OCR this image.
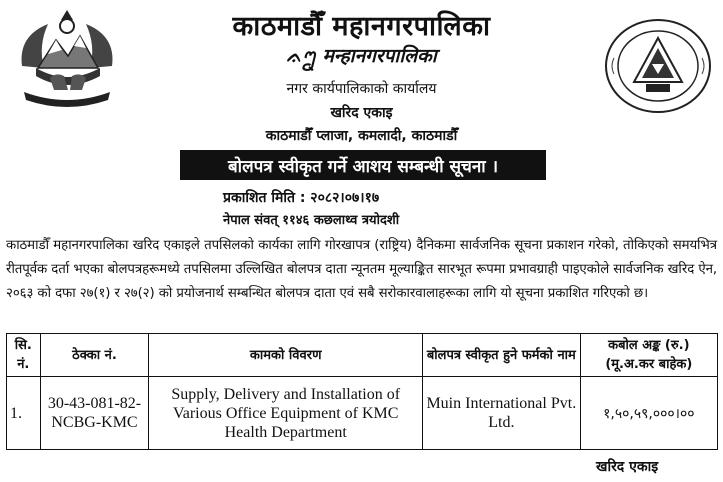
काठमाडौँ महानगरपालिका
ᨊᩂ मन्हानगरपालिका
नगर कार्यपालिकाको कार्यालय
खरिद एकाइ
काठमाडौँ प्लाजा, कमलादी, काठमाडौँ
बोलपत्र स्वीकृत गर्ने आशय सम्बन्धी सूचना ।
प्रकाशित मिति : २०८२।०७।१७
नेपाल संवत् ११४६ कछलाथ्व त्रयोदशी
काठमाडौँ महानगरपालिका खरिद एकाइले तपसिलको कार्यका लागि गोरखापत्र (राष्ट्रिय) दैनिकमा सार्वजनिक सूचना प्रकाशन गरेको, तोकिएको समयभित्र रीतपूर्वक दर्ता भएका बोलपत्रहरूमध्ये तपसिलमा उल्लिखित बोलपत्र दाता न्यूनतम मूल्याङ्कित सारभूत रूपमा प्रभावग्राही पाइएकोले सार्वजनिक खरिद ऐन, २०६३ को दफा २७(१) र २७(२) को प्रयोजनार्थ सम्बन्धित बोलपत्र दाता एवं सबै सरोकारवालाहरूका लागि यो सूचना प्रकाशित गरिएको छ।
सि. नं.	ठेक्का नं.	कामको विवरण	बोलपत्र स्वीकृत हुने फर्मको नाम	कबोल अङ्क (रु.) (मू.अ.कर बाहेक)
1.	30-43-081-82-NCBG-KMC	Supply, Delivery and Installation of Various Office Equipment of KMC Health Department	Muin International Pvt. Ltd.	१,५०,५९,०००।००
खरिद एकाइ
